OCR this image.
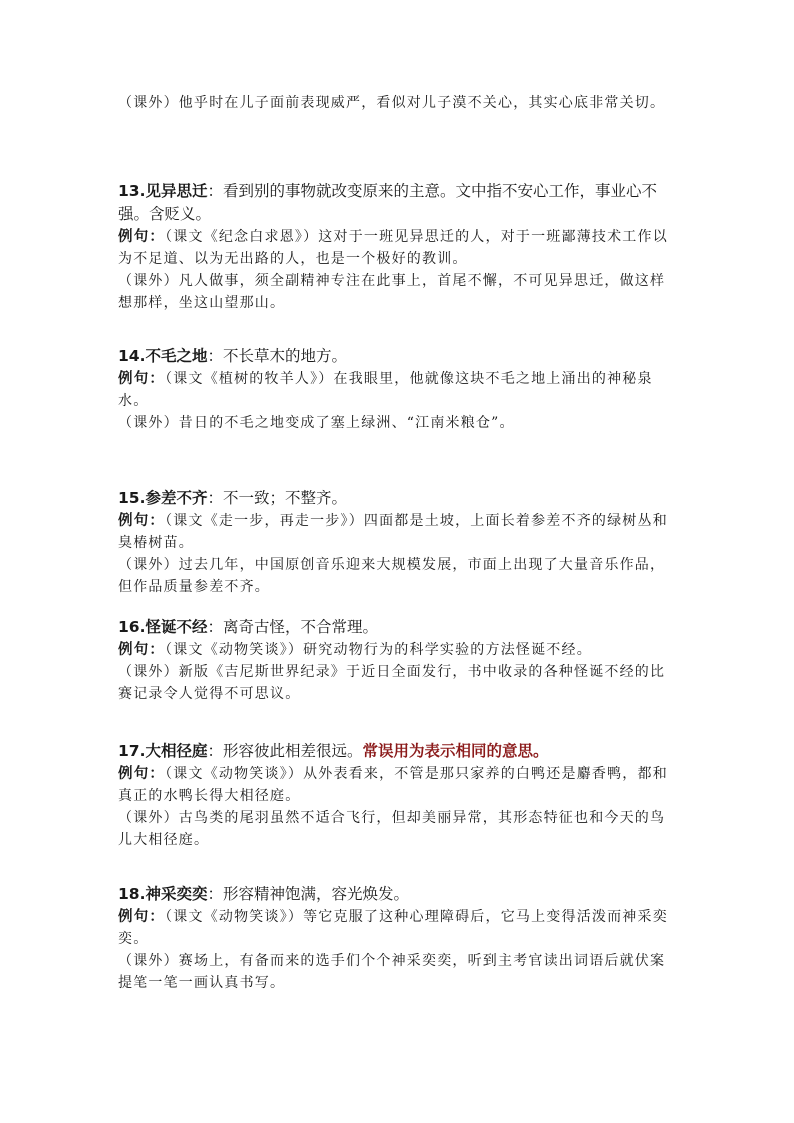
（课外）他乎时在儿子面前表现威严，看似对儿子漠不关心，其实心底非常关切。

13.见异思迁：看到别的事物就改变原来的主意。文中指不安心工作，事业心不强。含贬义。

例句：（课文《纪念白求恩》）这对于一班见异思迁的人，对于一班鄙薄技术工作以为不足道、以为无出路的人，也是一个极好的教训。

（课外）凡人做事，须全副精神专注在此事上，首尾不懈，不可见异思迁，做这样想那样，坐这山望那山。

14.不毛之地：不长草木的地方。

例句：（课文《植树的牧羊人》）在我眼里，他就像这块不毛之地上涌出的神秘泉水。

（课外）昔日的不毛之地变成了塞上绿洲、“江南米粮仓”。

15.参差不齐：不一致；不整齐。

例句：（课文《走一步，再走一步》）四面都是土坡，上面长着参差不齐的绿树丛和臭椿树苗。

（课外）过去几年，中国原创音乐迎来大规模发展，市面上出现了大量音乐作品，但作品质量参差不齐。

16.怪诞不经：离奇古怪，不合常理。

例句：（课文《动物笑谈》）研究动物行为的科学实验的方法怪诞不经。

（课外）新版《吉尼斯世界纪录》于近日全面发行，书中收录的各种怪诞不经的比赛记录令人觉得不可思议。

17.大相径庭：形容彼此相差很远。常误用为表示相同的意思。

例句：（课文《动物笑谈》）从外表看来，不管是那只家养的白鸭还是麝香鸭，都和真正的水鸭长得大相径庭。

（课外）古鸟类的尾羽虽然不适合飞行，但却美丽异常，其形态特征也和今天的鸟儿大相径庭。

18.神采奕奕：形容精神饱满，容光焕发。

例句：（课文《动物笑谈》）等它克服了这种心理障碍后，它马上变得活泼而神采奕奕。

（课外）赛场上，有备而来的选手们个个神采奕奕，听到主考官读出词语后就伏案提笔一笔一画认真书写。
